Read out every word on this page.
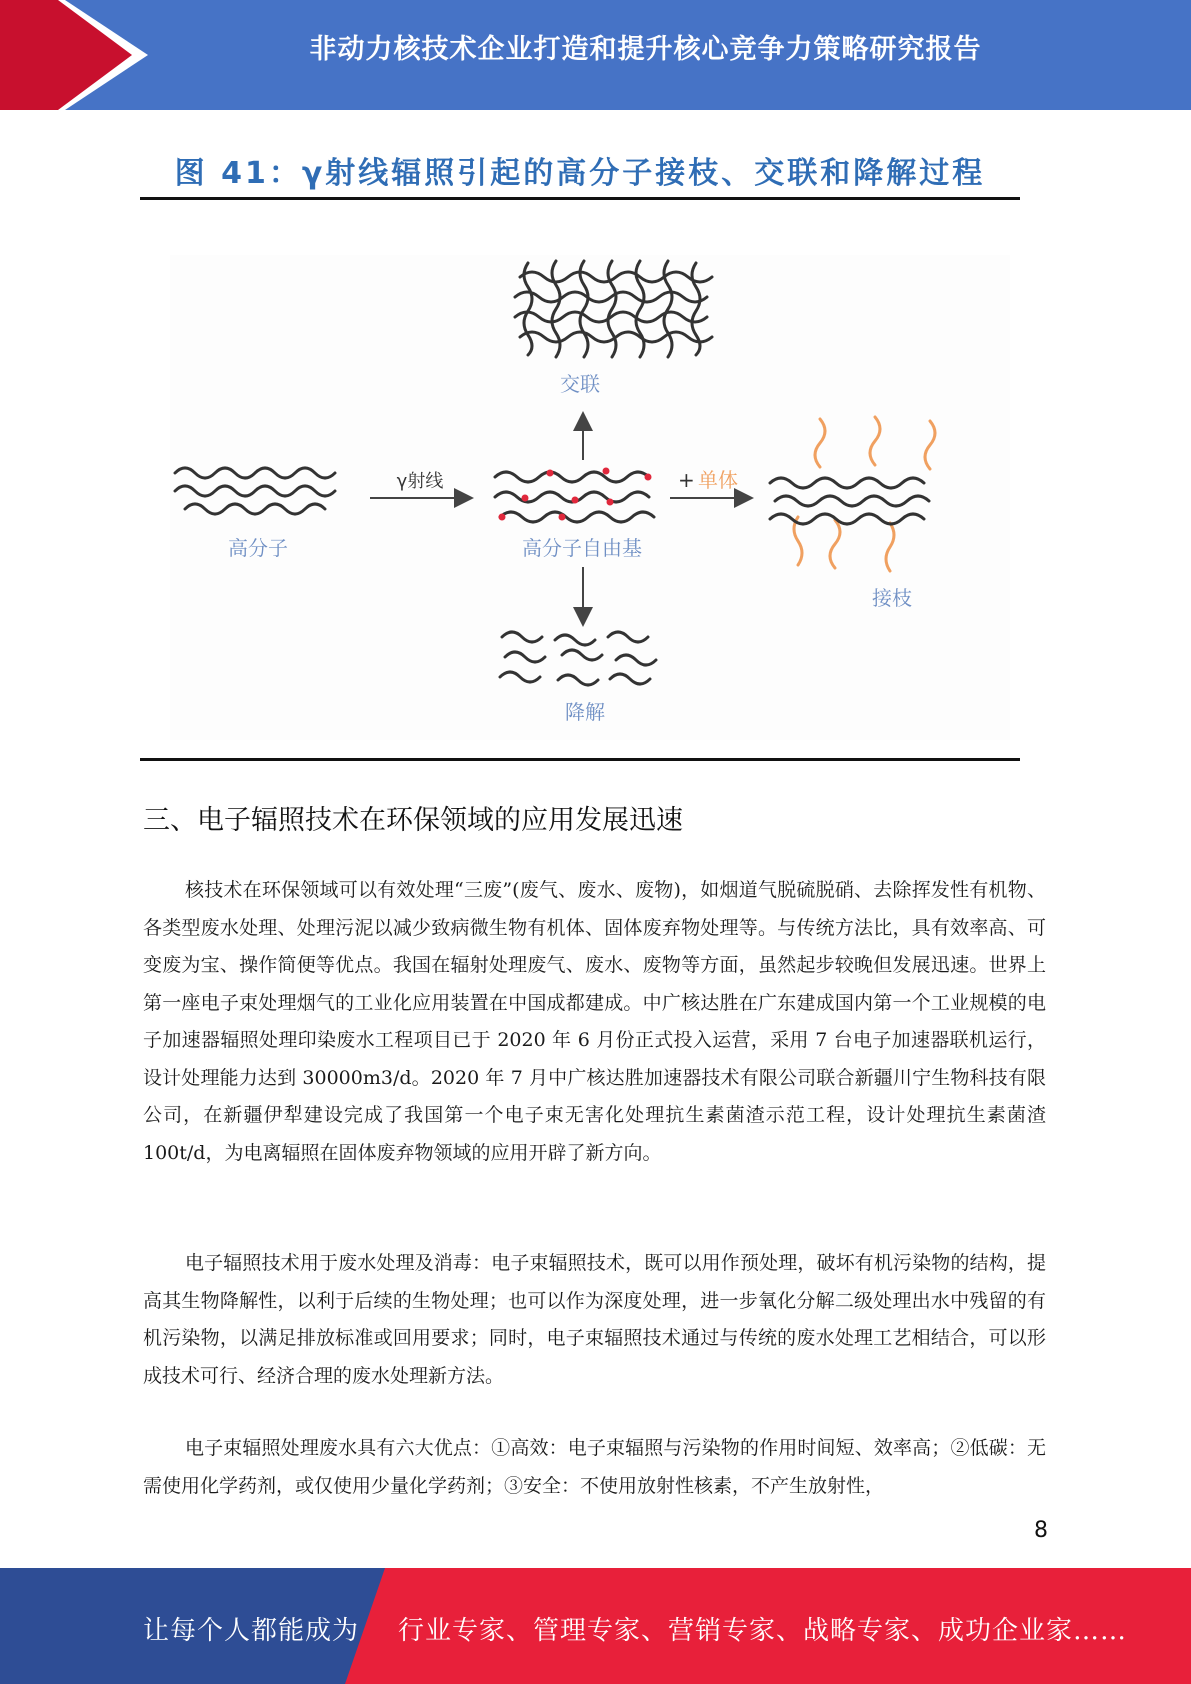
非动力核技术企业打造和提升核心竞争力策略研究报告
图 41：γ射线辐照引起的高分子接枝、交联和降解过程
交联
高分子
γ射线
高分子自由基
降解
+ 单体
接枝
三、电子辐照技术在环保领域的应用发展迅速
核技术在环保领域可以有效处理“三废”(废气、废水、废物)，如烟道气脱硫脱硝、去除挥发性有机物、各类型废水处理、处理污泥以减少致病微生物有机体、固体废弃物处理等。与传统方法比，具有效率高、可变废为宝、操作简便等优点。我国在辐射处理废气、废水、废物等方面，虽然起步较晚但发展迅速。世界上第一座电子束处理烟气的工业化应用装置在中国成都建成。中广核达胜在广东建成国内第一个工业规模的电子加速器辐照处理印染废水工程项目已于 2020 年 6 月份正式投入运营，采用 7 台电子加速器联机运行，设计处理能力达到 30000m3/d。2020 年 7 月中广核达胜加速器技术有限公司联合新疆川宁生物科技有限公司，在新疆伊犁建设完成了我国第一个电子束无害化处理抗生素菌渣示范工程，设计处理抗生素菌渣 100t/d，为电离辐照在固体废弃物领域的应用开辟了新方向。
电子辐照技术用于废水处理及消毒：电子束辐照技术，既可以用作预处理，破坏有机污染物的结构，提高其生物降解性，以利于后续的生物处理；也可以作为深度处理，进一步氧化分解二级处理出水中残留的有机污染物，以满足排放标准或回用要求；同时，电子束辐照技术通过与传统的废水处理工艺相结合，可以形成技术可行、经济合理的废水处理新方法。
电子束辐照处理废水具有六大优点：①高效：电子束辐照与污染物的作用时间短、效率高；②低碳：无需使用化学药剂，或仅使用少量化学药剂；③安全：不使用放射性核素，不产生放射性，
8
让每个人都能成为 行业专家、管理专家、营销专家、战略专家、成功企业家……
